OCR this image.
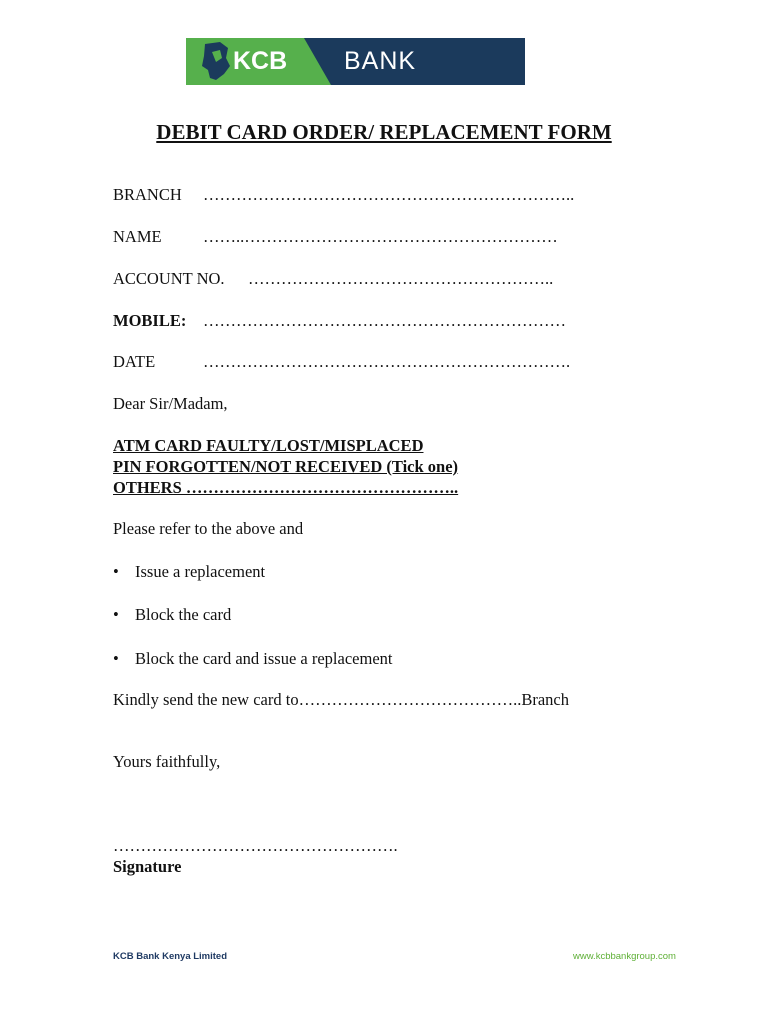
KCB BANK
DEBIT CARD ORDER/ REPLACEMENT FORM
BRANCH …………………………………………………………..
NAME	……..…………………………………………………
ACCOUNT NO. ………………………………………………..
MOBILE: …………………………………………………………
DATE	………………………………………………………….
Dear Sir/Madam,
ATM CARD FAULTY/LOST/MISPLACED
PIN FORGOTTEN/NOT RECEIVED (Tick one)
OTHERS …………………………………………..
Please refer to the above and
• Issue a replacement
• Block the card
• Block the card and issue a replacement
Kindly send the new card to…………………………………..Branch
Yours faithfully,
…………………………………………….
Signature
KCB Bank Kenya Limited	www.kcbbankgroup.com
